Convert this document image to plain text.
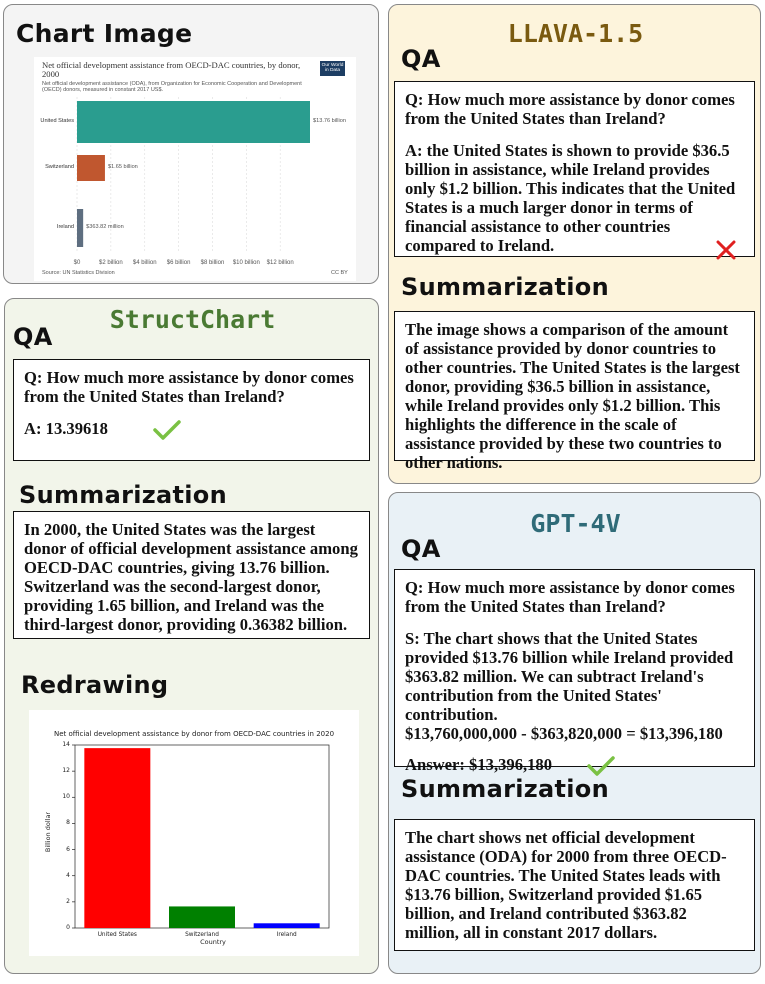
Chart Image
Net official development assistance from OECD-DAC countries, by donor, 2000
Net official development assistance (ODA), from Organization for Economic Cooperation and Development (OECD) donors, measured in constant 2017 US$.
Our World in Data
$0	$2 billion	$4 billion	$6 billion	$8 billion	$10 billion	$12 billion
United States	$13.76 billion
Switzerland	$1.65 billion
Ireland $363.82 million
Source: UN Statistics Division	CC BY
StructChart
QA

Q: How much more assistance by donor comes from the United States than Ireland?

A: 13.39618

Summarization

In 2000, the United States was the largest donor of official development assistance among OECD-DAC countries, giving 13.76 billion. Switzerland was the second-largest donor, providing 1.65 billion, and Ireland was the third-largest donor, providing 0.36382 billion.

Redrawing
0
2
4
6
8
10
12
14
United States	Switzerland	Ireland
Net official development assistance by donor from OECD-DAC countries in 2020
Country
Billion dollar
LLAVA-1.5
QA

Q: How much more assistance by donor comes from the United States than Ireland?

A: the United States is shown to provide $36.5 billion in assistance, while Ireland provides only $1.2 billion. This indicates that the United States is a much larger donor in terms of financial assistance to other countries compared to Ireland.

Summarization

The image shows a comparison of the amount of assistance provided by donor countries to other countries. The United States is the largest donor, providing $36.5 billion in assistance, while Ireland provides only $1.2 billion. This highlights the difference in the scale of assistance provided by these two countries to other nations.

GPT-4V
QA

Q: How much more assistance by donor comes from the United States than Ireland?

S: The chart shows that the United States provided $13.76 billion while Ireland provided $363.82 million. We can subtract Ireland's contribution from the United States' contribution.

$13,760,000,000 - $363,820,000 = $13,396,180

Answer: $13,396,180

Summarization

The chart shows net official development assistance (ODA) for 2000 from three OECD-DAC countries. The United States leads with $13.76 billion, Switzerland provided $1.65 billion, and Ireland contributed $363.82 million, all in constant 2017 dollars.
